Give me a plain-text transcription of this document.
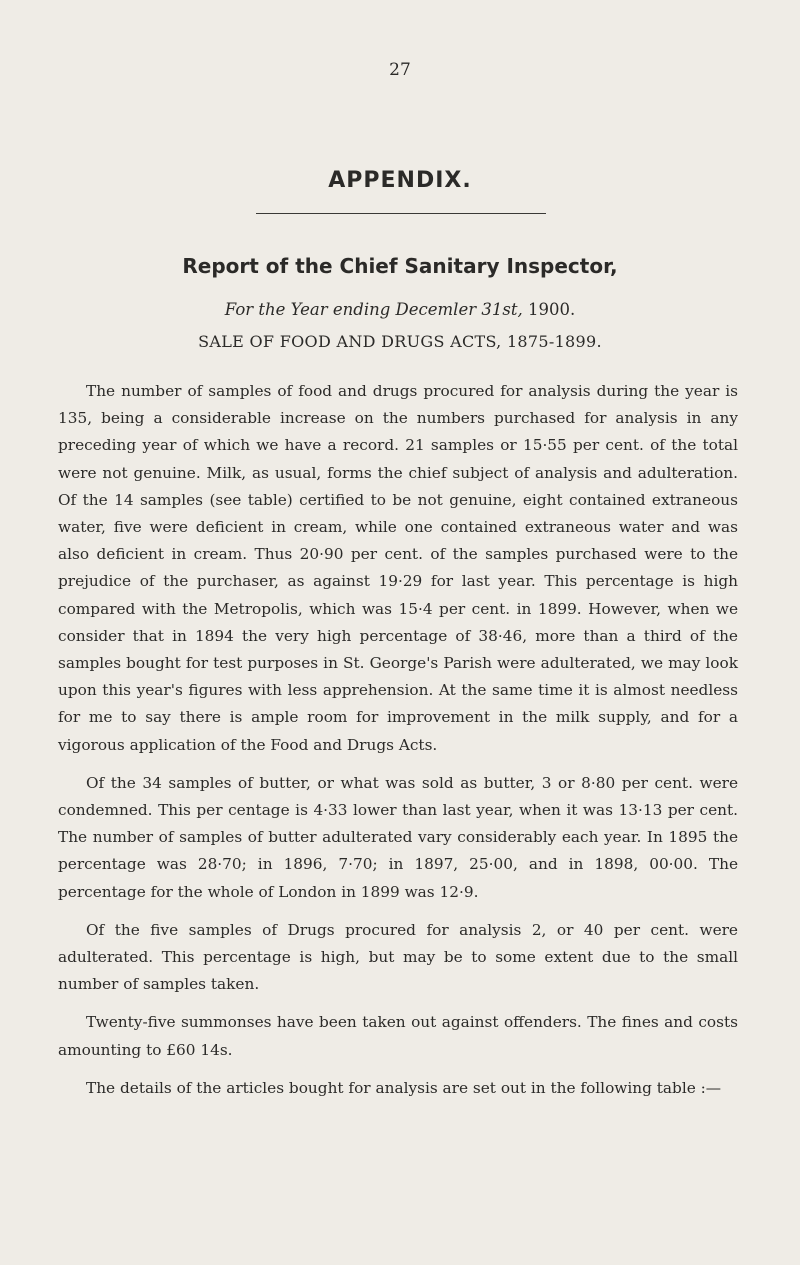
27
APPENDIX.
Report of the Chief Sanitary Inspector,
For the Year ending Decemler 31st, 1900.
SALE OF FOOD AND DRUGS ACTS, 1875-1899.

The number of samples of food and drugs procured for analysis during the year is 135, being a considerable increase on the numbers purchased for analysis in any preceding year of which we have a record. 21 samples or 15·55 per cent. of the total were not genuine. Milk, as usual, forms the chief subject of analysis and adulteration. Of the 14 samples (see table) certified to be not genuine, eight contained extraneous water, five were deficient in cream, while one contained extraneous water and was also deficient in cream. Thus 20·90 per cent. of the samples purchased were to the prejudice of the purchaser, as against 19·29 for last year. This percentage is high compared with the Metropolis, which was 15·4 per cent. in 1899. However, when we consider that in 1894 the very high percentage of 38·46, more than a third of the samples bought for test purposes in St. George's Parish were adulterated, we may look upon this year's figures with less apprehension. At the same time it is almost needless for me to say there is ample room for improvement in the milk supply, and for a vigorous application of the Food and Drugs Acts.

Of the 34 samples of butter, or what was sold as butter, 3 or 8·80 per cent. were condemned. This per centage is 4·33 lower than last year, when it was 13·13 per cent. The number of samples of butter adulterated vary considerably each year. In 1895 the percentage was 28·70; in 1896, 7·70; in 1897, 25·00, and in 1898, 00·00. The percentage for the whole of London in 1899 was 12·9.

Of the five samples of Drugs procured for analysis 2, or 40 per cent. were adulterated. This percentage is high, but may be to some extent due to the small number of samples taken.

Twenty-five summonses have been taken out against offenders. The fines and costs amounting to £60 14s.

The details of the articles bought for analysis are set out in the following table :—
